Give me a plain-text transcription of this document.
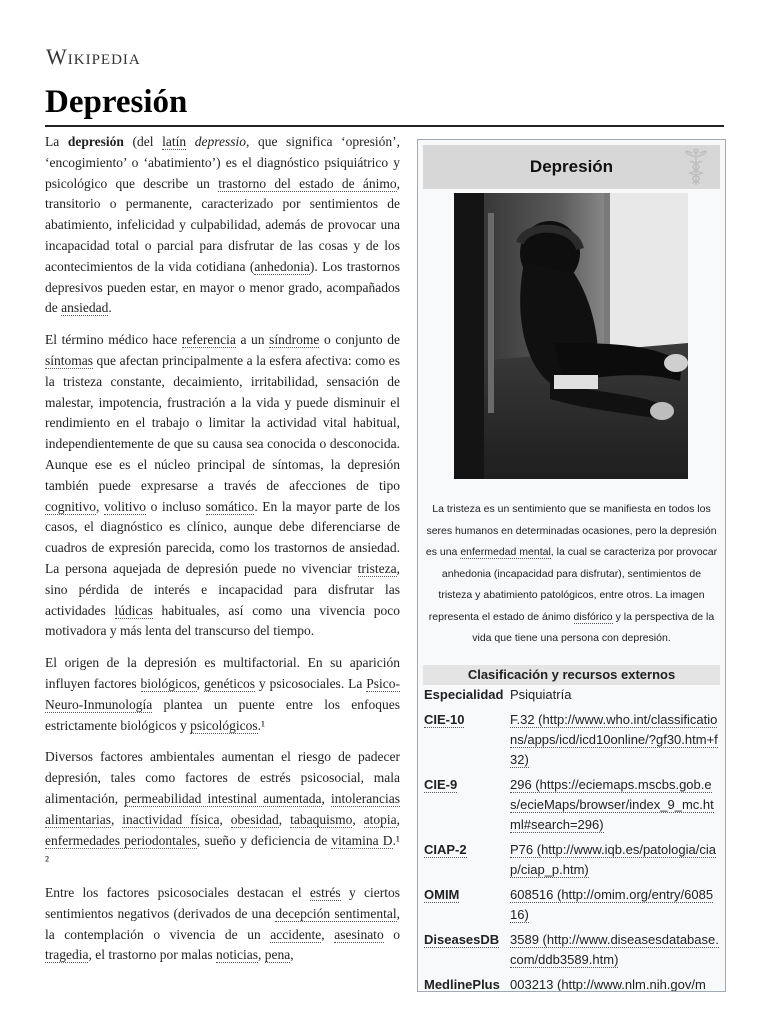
Wikipedia
Depresión

La depresión (del latín depressio, que significa ‘opresión’, ‘encogimiento’ o ‘abatimiento’) es el diagnóstico psiquiátrico y psicológico que describe un trastorno del estado de ánimo, transitorio o permanente, caracterizado por sentimientos de abatimiento, infelicidad y culpabilidad, además de provocar una incapacidad total o parcial para disfrutar de las cosas y de los acontecimientos de la vida cotidiana (anhedonia). Los trastornos depresivos pueden estar, en mayor o menor grado, acompañados de ansiedad.

El término médico hace referencia a un síndrome o conjunto de síntomas que afectan principalmente a la esfera afectiva: como es la tristeza constante, decaimiento, irritabilidad, sensación de malestar, impotencia, frustración a la vida y puede disminuir el rendimiento en el trabajo o limitar la actividad vital habitual, independientemente de que su causa sea conocida o desconocida. Aunque ese es el núcleo principal de síntomas, la depresión también puede expresarse a través de afecciones de tipo cognitivo, volitivo o incluso somático. En la mayor parte de los casos, el diagnóstico es clínico, aunque debe diferenciarse de cuadros de expresión parecida, como los trastornos de ansiedad. La persona aquejada de depresión puede no vivenciar tristeza, sino pérdida de interés e incapacidad para disfrutar las actividades lúdicas habituales, así como una vivencia poco motivadora y más lenta del transcurso del tiempo.

El origen de la depresión es multifactorial. En su aparición influyen factores biológicos, genéticos y psicosociales. La Psico-Neuro-Inmunología plantea un puente entre los enfoques estrictamente biológicos y psicológicos.¹

Diversos factores ambientales aumentan el riesgo de padecer depresión, tales como factores de estrés psicosocial, mala alimentación, permeabilidad intestinal aumentada, intolerancias alimentarias, inactividad física, obesidad, tabaquismo, atopia, enfermedades periodontales, sueño y deficiencia de vitamina D.¹ ²

Entre los factores psicosociales destacan el estrés y ciertos sentimientos negativos (derivados de una decepción sentimental, la contemplación o vivencia de un accidente, asesinato o tragedia, el trastorno por malas noticias, pena,

Depresión
La tristeza es un sentimiento que se manifiesta en todos los seres humanos en determinadas ocasiones, pero la depresión es una enfermedad mental, la cual se caracteriza por provocar anhedonia (incapacidad para disfrutar), sentimientos de tristeza y abatimiento patológicos, entre otros. La imagen representa el estado de ánimo disfórico y la perspectiva de la vida que tiene una persona con depresión.
Clasificación y recursos externos
Especialidad Psiquiatría
CIE-10	F.32 (http://www.who.int/classifications/apps/icd/icd10online/?gf30.htm+f32)
CIE-9	296 (https://eciemaps.mscbs.gob.es/ecieMaps/browser/index_9_mc.html#search=296)
CIAP-2	P76 (http://www.iqb.es/patologia/ciap/ciap_p.htm)
OMIM	608516 (http://omim.org/entry/608516)
DiseasesDB 3589 (http://www.diseasesdatabase.com/ddb3589.htm)
MedlinePlus 003213 (http://www.nlm.nih.gov/m
